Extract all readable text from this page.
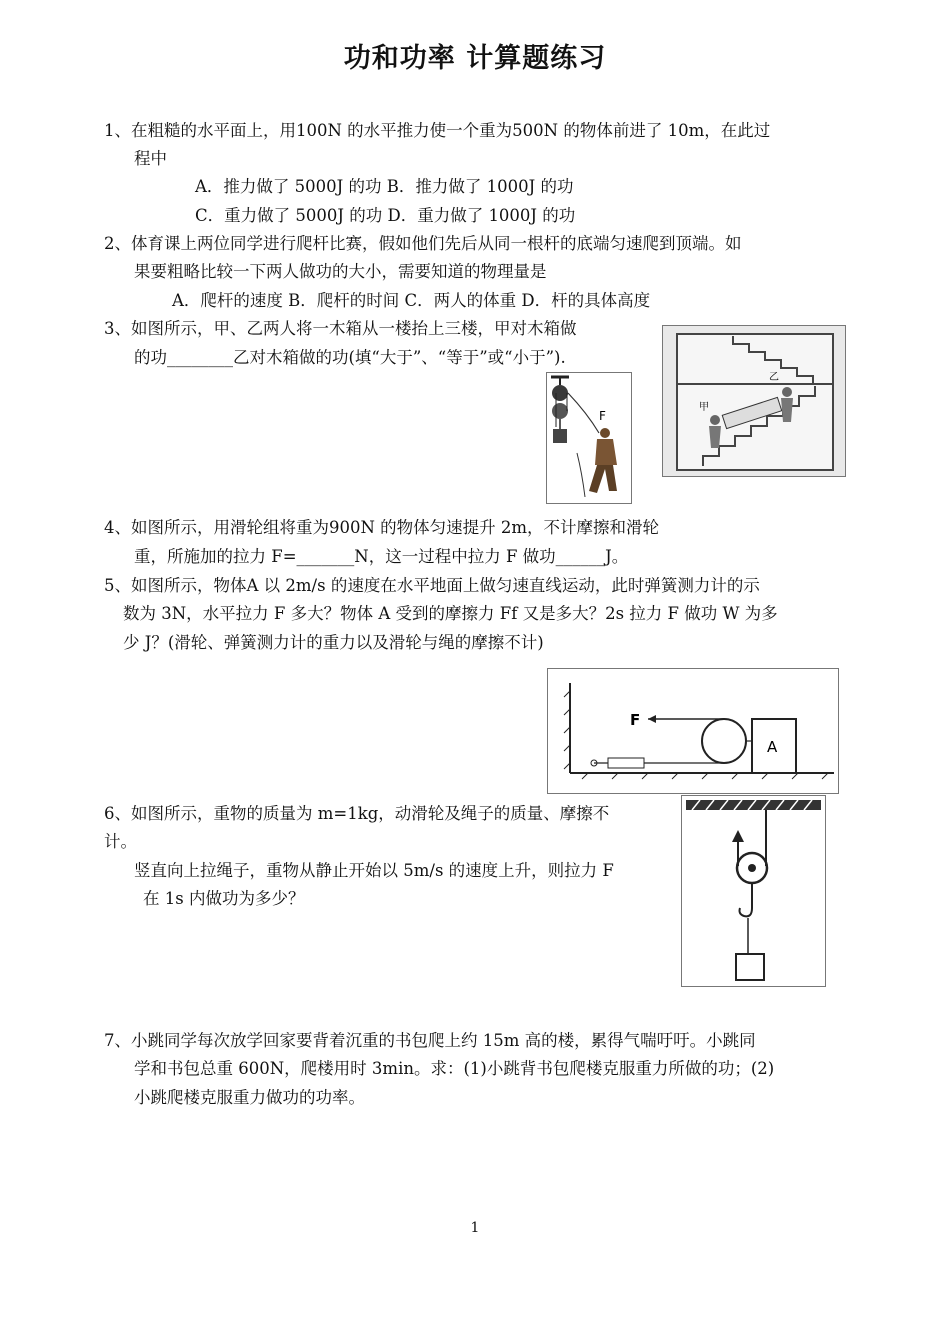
功和功率 计算题练习
1、在粗糙的水平面上，用100N 的水平推力使一个重为500N 的物体前进了 10m，在此过
程中
A．推力做了 5000J 的功 B．推力做了 1000J 的功
C．重力做了 5000J 的功 D．重力做了 1000J 的功
2、体育课上两位同学进行爬杆比赛，假如他们先后从同一根杆的底端匀速爬到顶端。如
果要粗略比较一下两人做功的大小，需要知道的物理量是
A．爬杆的速度 B．爬杆的时间 C．两人的体重 D．杆的具体高度
3、如图所示，甲、乙两人将一木箱从一楼抬上三楼，甲对木箱做
的功________乙对木箱做的功(填“大于”、“等于”或“小于”).
F
甲
乙
4、如图所示，用滑轮组将重为900N 的物体匀速提升 2m，不计摩擦和滑轮
重，所施加的拉力 F=_______N，这一过程中拉力 F 做功______J。
5、如图所示，物体A 以 2m/s 的速度在水平地面上做匀速直线运动，此时弹簧测力计的示
数为 3N，水平拉力 F 多大？物体 A 受到的摩擦力 Ff 又是多大？2s 拉力 F 做功 W 为多
少 J？(滑轮、弹簧测力计的重力以及滑轮与绳的摩擦不计)
F
A
6、如图所示，重物的质量为 m=1kg，动滑轮及绳子的质量、摩擦不
计。
竖直向上拉绳子，重物从静止开始以 5m/s 的速度上升，则拉力 F
在 1s 内做功为多少？
7、小跳同学每次放学回家要背着沉重的书包爬上约 15m 高的楼，累得气喘吁吁。小跳同
学和书包总重 600N，爬楼用时 3min。求：(1)小跳背书包爬楼克服重力所做的功；(2)
小跳爬楼克服重力做功的功率。
1
